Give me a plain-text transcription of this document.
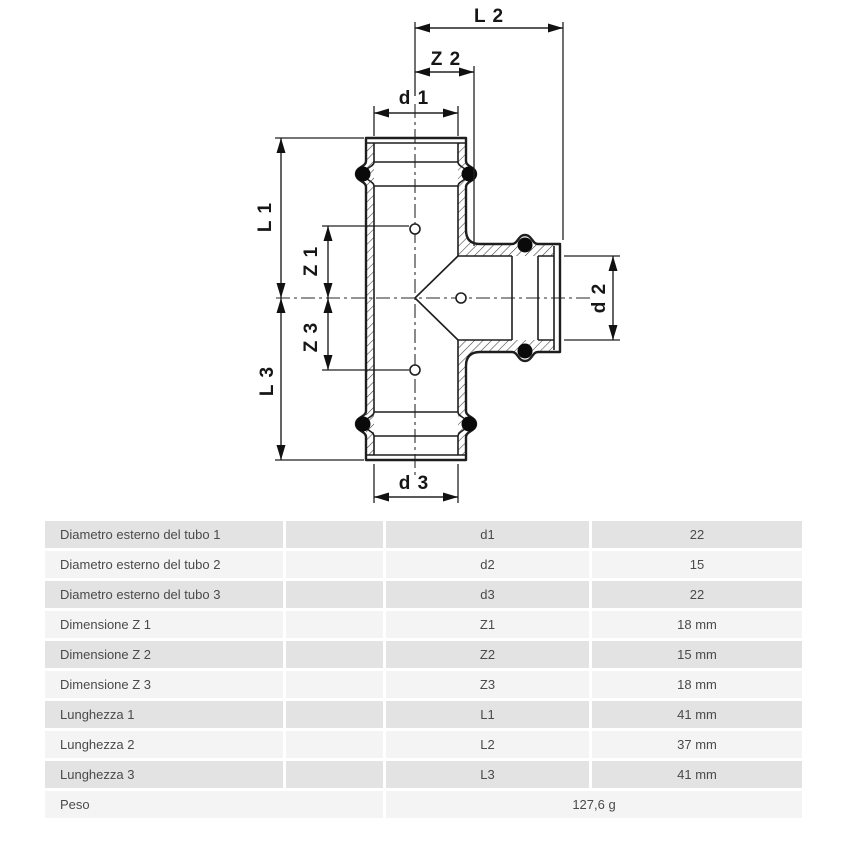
L 2
Z 2
d 1
d 3
L 1
Z 1
Z 3
L 3
d 2
Diametro esterno del tubo 1	d1	22
Diametro esterno del tubo 2	d2	15
Diametro esterno del tubo 3	d3	22
Dimensione Z 1	Z1	18 mm
Dimensione Z 2	Z2	15 mm
Dimensione Z 3	Z3	18 mm
Lunghezza 1	L1	41 mm
Lunghezza 2	L2	37 mm
Lunghezza 3	L3	41 mm
Peso	127,6 g
